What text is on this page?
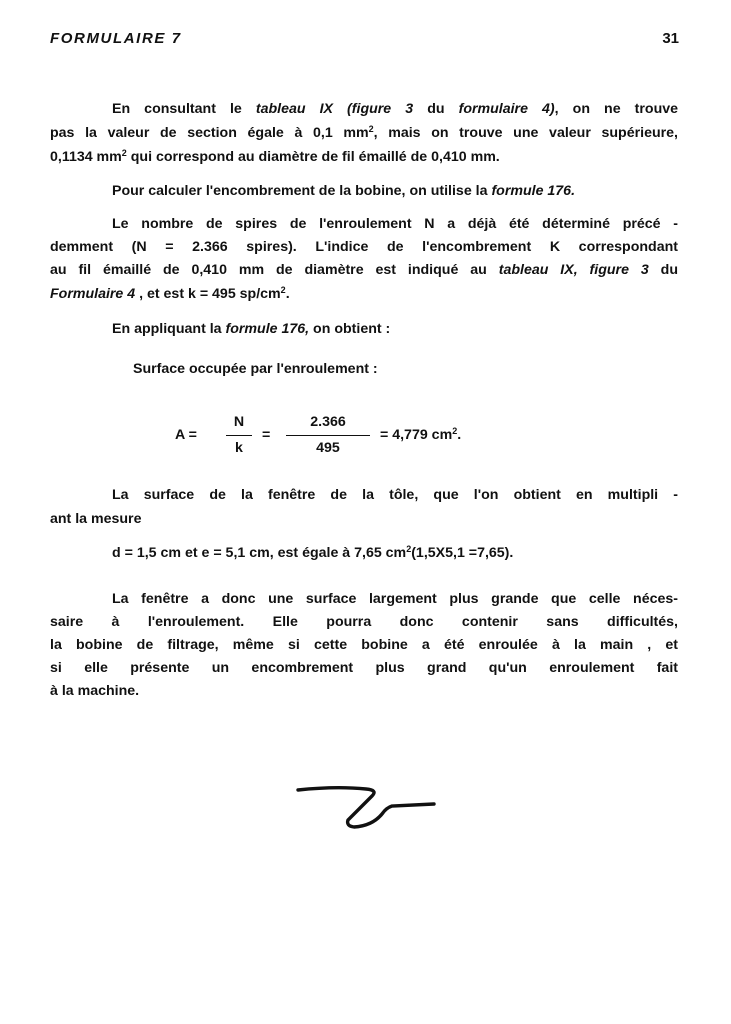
FORMULAIRE 7	31
En consultant le tableau IX (figure 3 du formulaire 4), on ne trouve
pas la valeur de section égale à 0,1 $mm^2$, mais on trouve une valeur supérieure,
0,1134 $mm^2$ qui correspond au diamètre de fil émaillé de 0,410 mm.
Pour calculer l'encombrement de la bobine, on utilise la formule 176.
Le nombre de spires de l'enroulement N a déjà été déterminé précé -
demment (N = 2.366 spires). L'indice de l'encombrement K correspondant
au fil émaillé de 0,410 mm de diamètre est indiqué au tableau IX, figure 3 du
Formulaire 4 , et est k = 495 $sp/cm^2$.
En appliquant la formule 176, on obtient :
Surface occupée par l'enroulement :
A =
N
k
=
2.366
495
= 4,779 $cm^2$.
La surface de la fenêtre de la tôle, que l'on obtient en multipli -
ant la mesure
d = 1,5 cm et e = 5,1 cm, est égale à 7,65 $cm^2(1,5X5,1 =7,65)$.
La fenêtre a donc une surface largement plus grande que celle néces-
saire à l'enroulement. Elle pourra donc contenir sans difficultés,
la bobine de filtrage, même si cette bobine a été enroulée à la main , et
si elle présente un encombrement plus grand qu'un enroulement fait
à la machine.
